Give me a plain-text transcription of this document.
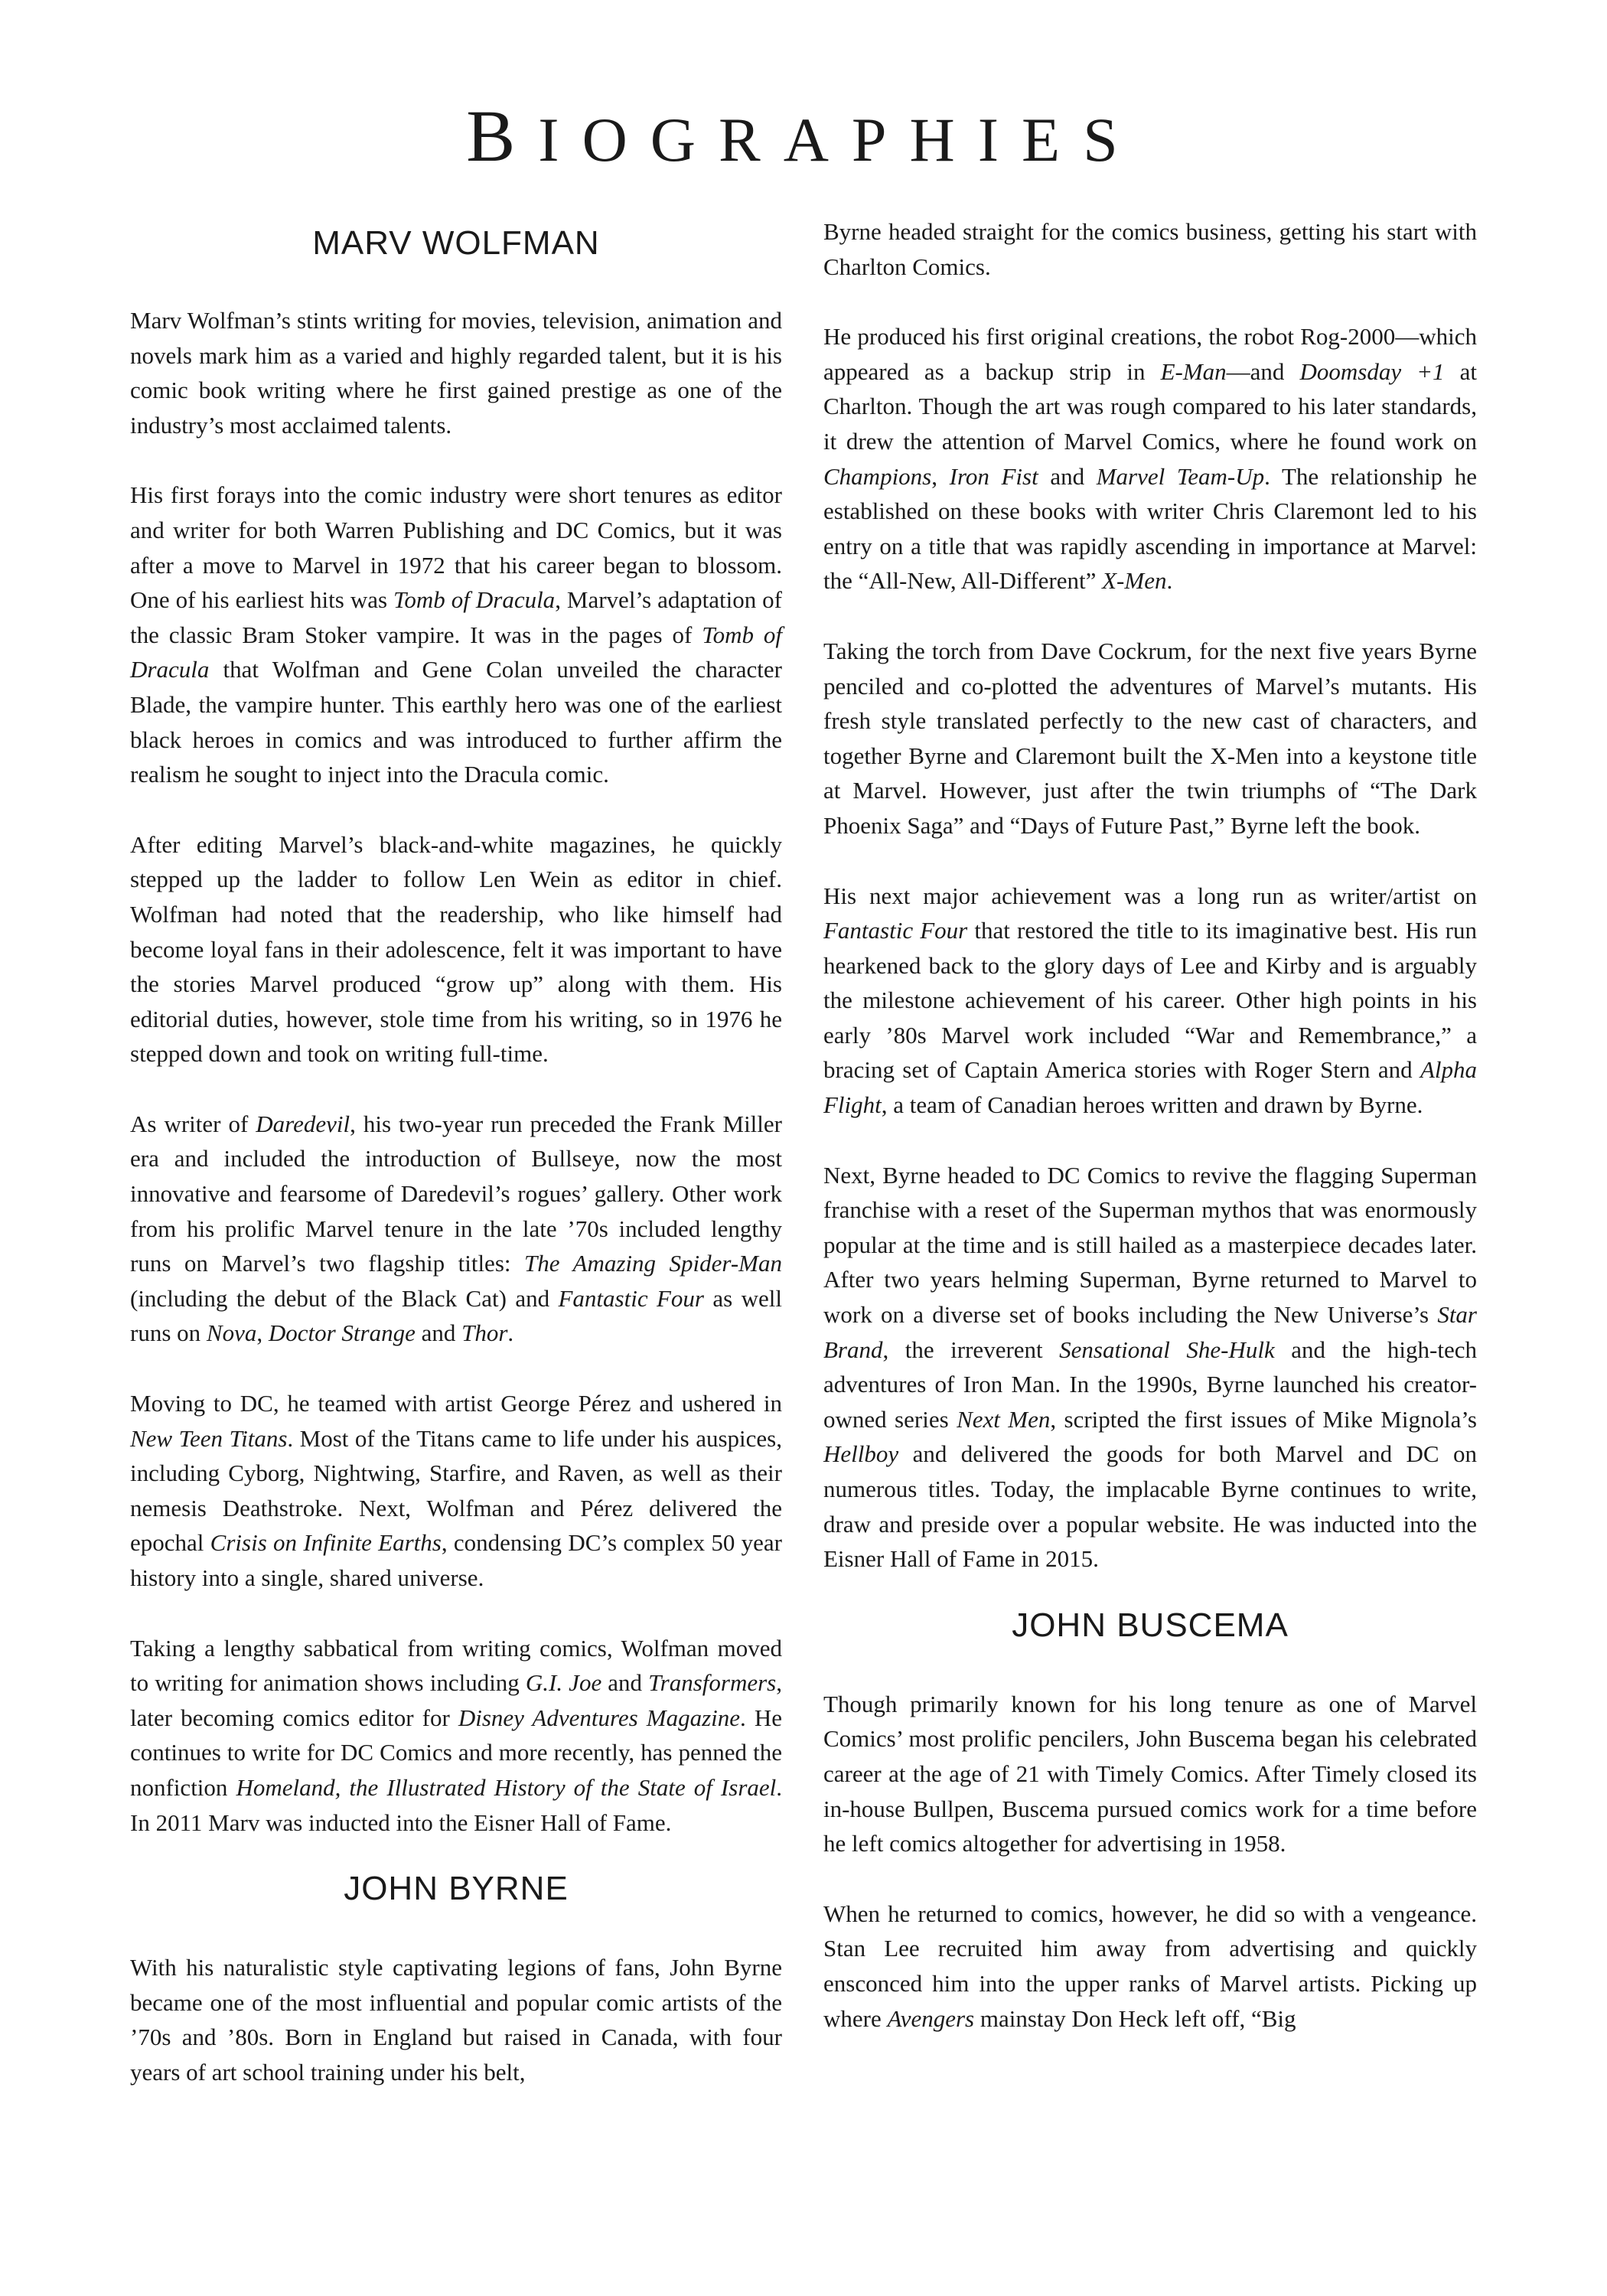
BIOGRAPHIES
MARV WOLFMAN

Marv Wolfman’s stints writing for movies, television, animation and novels mark him as a varied and highly regarded talent, but it is his comic book writing where he first gained prestige as one of the industry’s most acclaimed talents.

His first forays into the comic industry were short tenures as editor and writer for both Warren Publishing and DC Comics, but it was after a move to Marvel in 1972 that his career began to blossom. One of his earliest hits was Tomb of Dracula, Marvel’s adaptation of the classic Bram Stoker vampire. It was in the pages of Tomb of Dracula that Wolfman and Gene Colan unveiled the character Blade, the vampire hunter. This earthly hero was one of the earliest black heroes in comics and was introduced to further affirm the realism he sought to inject into the Dracula comic.

After editing Marvel’s black-and-white magazines, he quickly stepped up the ladder to follow Len Wein as editor in chief. Wolfman had noted that the readership, who like himself had become loyal fans in their adolescence, felt it was important to have the stories Marvel produced “grow up” along with them. His editorial duties, however, stole time from his writing, so in 1976 he stepped down and took on writing full-time.

As writer of Daredevil, his two-year run preceded the Frank Miller era and included the introduction of Bullseye, now the most innovative and fearsome of Daredevil’s rogues’ gallery. Other work from his prolific Marvel tenure in the late ’70s included lengthy runs on Marvel’s two flagship titles: The Amazing Spider-Man (including the debut of the Black Cat) and Fantastic Four as well runs on Nova, Doctor Strange and Thor.

Moving to DC, he teamed with artist George Pérez and ushered in New Teen Titans. Most of the Titans came to life under his auspices, including Cyborg, Nightwing, Starfire, and Raven, as well as their nemesis Deathstroke. Next, Wolfman and Pérez delivered the epochal Crisis on Infinite Earths, condensing DC’s complex 50 year history into a single, shared universe.

Taking a lengthy sabbatical from writing comics, Wolfman moved to writing for animation shows including G.I. Joe and Transformers, later becoming comics editor for Disney Adventures Magazine. He continues to write for DC Comics and more recently, has penned the nonfiction Homeland, the Illustrated History of the State of Israel. In 2011 Marv was inducted into the Eisner Hall of Fame.

JOHN BYRNE

With his naturalistic style captivating legions of fans, John Byrne became one of the most influential and popular comic artists of the ’70s and ’80s. Born in England but raised in Canada, with four years of art school training under his belt,

Byrne headed straight for the comics business, getting his start with Charlton Comics.

He produced his first original creations, the robot Rog-2000—which appeared as a backup strip in E-Man—and Doomsday +1 at Charlton. Though the art was rough compared to his later standards, it drew the attention of Marvel Comics, where he found work on Champions, Iron Fist and Marvel Team-Up. The relationship he established on these books with writer Chris Claremont led to his entry on a title that was rapidly ascending in importance at Marvel: the “All-New, All-Different” X-Men.

Taking the torch from Dave Cockrum, for the next five years Byrne penciled and co-plotted the adventures of Marvel’s mutants. His fresh style translated perfectly to the new cast of characters, and together Byrne and Claremont built the X-Men into a keystone title at Marvel. However, just after the twin triumphs of “The Dark Phoenix Saga” and “Days of Future Past,” Byrne left the book.

His next major achievement was a long run as writer/artist on Fantastic Four that restored the title to its imaginative best. His run hearkened back to the glory days of Lee and Kirby and is arguably the milestone achievement of his career. Other high points in his early ’80s Marvel work included “War and Remembrance,” a bracing set of Captain America stories with Roger Stern and Alpha Flight, a team of Canadian heroes written and drawn by Byrne.

Next, Byrne headed to DC Comics to revive the flagging Superman franchise with a reset of the Superman mythos that was enormously popular at the time and is still hailed as a masterpiece decades later. After two years helming Superman, Byrne returned to Marvel to work on a diverse set of books including the New Universe’s Star Brand, the irreverent Sensational She-Hulk and the high-tech adventures of Iron Man. In the 1990s, Byrne launched his creator-owned series Next Men, scripted the first issues of Mike Mignola’s Hellboy and delivered the goods for both Marvel and DC on numerous titles. Today, the implacable Byrne continues to write, draw and preside over a popular website. He was inducted into the Eisner Hall of Fame in 2015.

JOHN BUSCEMA

Though primarily known for his long tenure as one of Marvel Comics’ most prolific pencilers, John Buscema began his celebrated career at the age of 21 with Timely Comics. After Timely closed its in-house Bullpen, Buscema pursued comics work for a time before he left comics altogether for advertising in 1958.

When he returned to comics, however, he did so with a vengeance. Stan Lee recruited him away from advertising and quickly ensconced him into the upper ranks of Marvel artists. Picking up where Avengers mainstay Don Heck left off, “Big
